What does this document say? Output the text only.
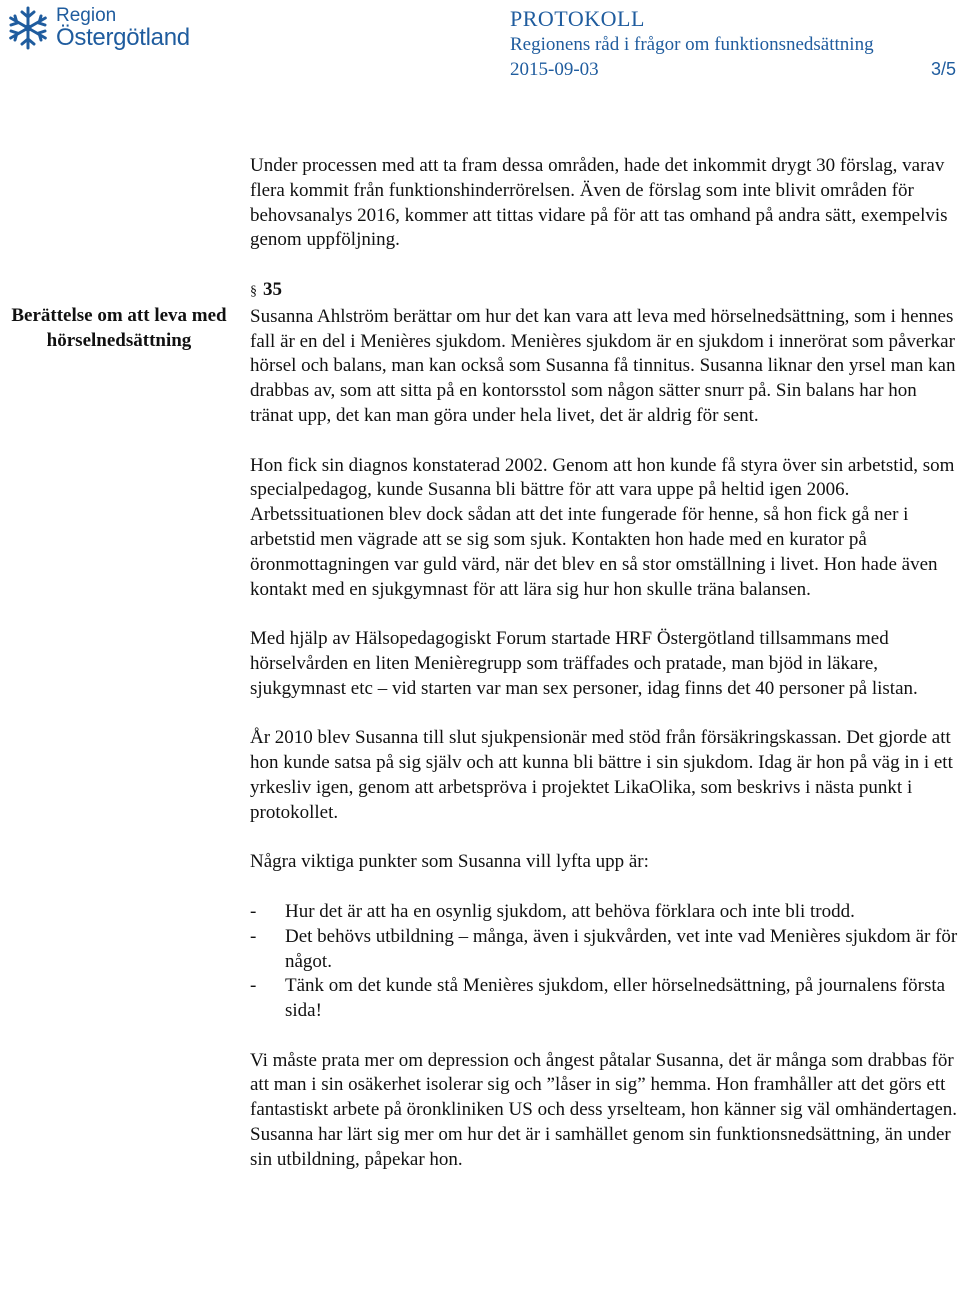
Region
Östergötland
PROTOKOLL
Regionens råd i frågor om funktionsnedsättning
2015-09-03	3/5
Berättelse om att leva med hörselnedsättning

Under processen med att ta fram dessa områden, hade det inkommit drygt 30 förslag, varav flera kommit från funktionshinderrörelsen. Även de förslag som inte blivit områden för behovsanalys 2016, kommer att tittas vidare på för att tas omhand på andra sätt, exempelvis genom uppföljning.

§ 35

Susanna Ahlström berättar om hur det kan vara att leva med hörselnedsättning, som i hennes fall är en del i Menières sjukdom. Menières sjukdom är en sjukdom i innerörat som påverkar hörsel och balans, man kan också som Susanna få tinnitus. Susanna liknar den yrsel man kan drabbas av, som att sitta på en kontorsstol som någon sätter snurr på. Sin balans har hon tränat upp, det kan man göra under hela livet, det är aldrig för sent.

Hon fick sin diagnos konstaterad 2002. Genom att hon kunde få styra över sin arbetstid, som specialpedagog, kunde Susanna bli bättre för att vara uppe på heltid igen 2006. Arbetssituationen blev dock sådan att det inte fungerade för henne, så hon fick gå ner i arbetstid men vägrade att se sig som sjuk. Kontakten hon hade med en kurator på öronmottagningen var guld värd, när det blev en så stor omställning i livet. Hon hade även kontakt med en sjukgymnast för att lära sig hur hon skulle träna balansen.

Med hjälp av Hälsopedagogiskt Forum startade HRF Östergötland tillsammans med hörselvården en liten Menièregrupp som träffades och pratade, man bjöd in läkare, sjukgymnast etc – vid starten var man sex personer, idag finns det 40 personer på listan.

År 2010 blev Susanna till slut sjukpensionär med stöd från försäkringskassan. Det gjorde att hon kunde satsa på sig själv och att kunna bli bättre i sin sjukdom. Idag är hon på väg in i ett yrkesliv igen, genom att arbetspröva i projektet LikaOlika, som beskrivs i nästa punkt i protokollet.

Några viktiga punkter som Susanna vill lyfta upp är:

- Hur det är att ha en osynlig sjukdom, att behöva förklara och inte bli trodd.
- Det behövs utbildning – många, även i sjukvården, vet inte vad Menières sjukdom är för något.
- Tänk om det kunde stå Menières sjukdom, eller hörselnedsättning, på journalens första sida!

Vi måste prata mer om depression och ångest påtalar Susanna, det är många som drabbas för att man i sin osäkerhet isolerar sig och ”låser in sig” hemma. Hon framhåller att det görs ett fantastiskt arbete på öronkliniken US och dess yrselteam, hon känner sig väl omhändertagen. Susanna har lärt sig mer om hur det är i samhället genom sin funktionsnedsättning, än under sin utbildning, påpekar hon.
